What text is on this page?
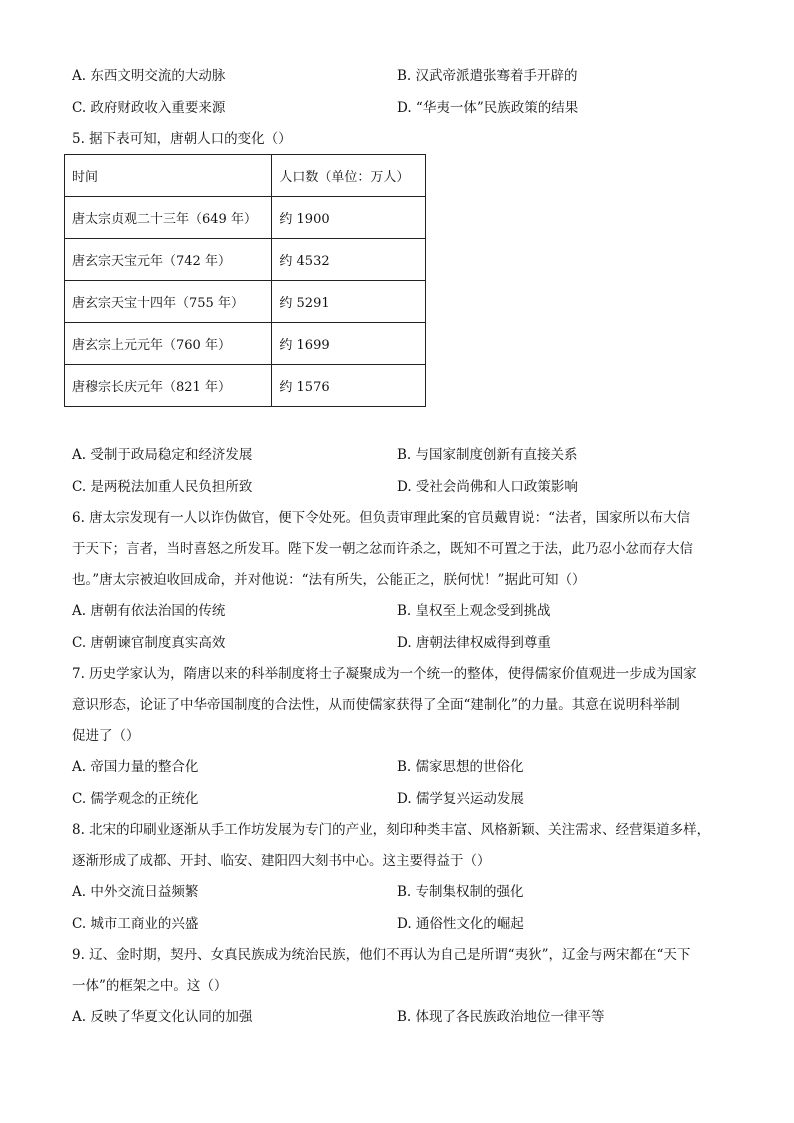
A. 东西文明交流的大动脉	B. 汉武帝派遣张骞着手开辟的
C. 政府财政收入重要来源	D. “华夷一体”民族政策的结果
5. 据下表可知，唐朝人口的变化（）
时间	人口数（单位：万人）
唐太宗贞观二十三年（649 年）	约 1900
唐玄宗天宝元年（742 年）	约 4532
唐玄宗天宝十四年（755 年）	约 5291
唐玄宗上元元年（760 年）	约 1699
唐穆宗长庆元年（821 年）	约 1576
A. 受制于政局稳定和经济发展	B. 与国家制度创新有直接关系
C. 是两税法加重人民负担所致	D. 受社会尚佛和人口政策影响
6. 唐太宗发现有一人以诈伪做官，便下令处死。但负责审理此案的官员戴胄说：“法者，国家所以布大信
于天下；言者，当时喜怒之所发耳。陛下发一朝之忿而许杀之，既知不可置之于法，此乃忍小忿而存大信
也。”唐太宗被迫收回成命，并对他说：“法有所失，公能正之，朕何忧！”据此可知（）
A. 唐朝有依法治国的传统	B. 皇权至上观念受到挑战
C. 唐朝谏官制度真实高效	D. 唐朝法律权威得到尊重
7. 历史学家认为，隋唐以来的科举制度将士子凝聚成为一个统一的整体，使得儒家价值观进一步成为国家
意识形态，论证了中华帝国制度的合法性，从而使儒家获得了全面“建制化”的力量。其意在说明科举制
促进了（）
A. 帝国力量的整合化	B. 儒家思想的世俗化
C. 儒学观念的正统化	D. 儒学复兴运动发展
8. 北宋的印刷业逐渐从手工作坊发展为专门的产业，刻印种类丰富、风格新颖、关注需求、经营渠道多样，
逐渐形成了成都、开封、临安、建阳四大刻书中心。这主要得益于（）
A. 中外交流日益频繁	B. 专制集权制的强化
C. 城市工商业的兴盛	D. 通俗性文化的崛起
9. 辽、金时期，契丹、女真民族成为统治民族，他们不再认为自己是所谓“夷狄”，辽金与两宋都在“天下
一体”的框架之中。这（）
A. 反映了华夏文化认同的加强	B. 体现了各民族政治地位一律平等
